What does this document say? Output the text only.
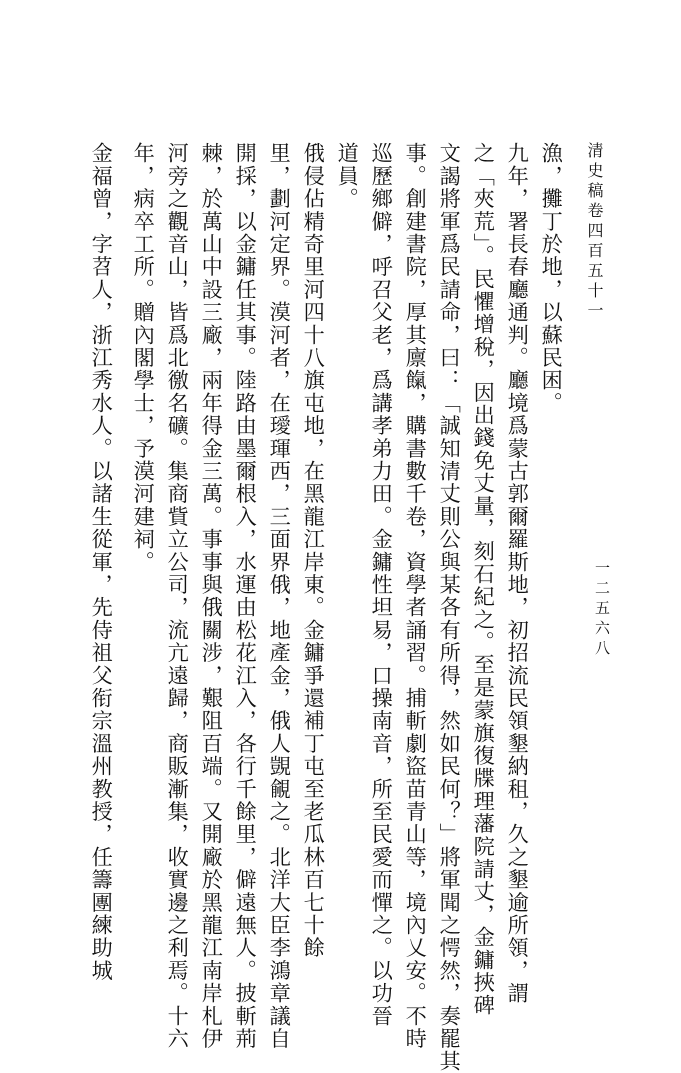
清史稿卷四百五十一
一二五六八
漁，攤丁於地，以蘇民困。
九年，署長春廳通判。廳境爲蒙古郭爾羅斯地，初招流民領墾納租，久之墾逾所領，謂
之「夾荒」。民懼增稅，因出錢免丈量，刻石紀之。至是蒙旗復牒理藩院請丈，金鏞挾碑
文謁將軍爲民請命，曰：「誠知清丈則公與某各有所得，然如民何？」將軍聞之愕然，奏罷其
事。創建書院，厚其廪餼，購書數千卷，資學者誦習。捕斬劇盜苗青山等，境內乂安。不時
巡歷鄉僻，呼召父老，爲講孝弟力田。金鏞性坦易，口操南音，所至民愛而憚之。以功晉
道員。
俄侵佔精奇里河四十八旗屯地，在黑龍江岸東。金鏞爭還補丁屯至老瓜林百七十餘
里，劃河定界。漠河者，在璦琿西，三面界俄，地產金，俄人覬覦之。北洋大臣李鴻章議自
開採，以金鏞任其事。陸路由墨爾根入，水運由松花江入，各行千餘里，僻遠無人。披斬荊
棘，於萬山中設三廠，兩年得金三萬。事事與俄關涉，艱阻百端。又開廠於黑龍江南岸札伊
河旁之觀音山，皆爲北徼名礦。集商貲立公司，流亢遠歸，商販漸集，收實邊之利焉。十六
年，病卒工所。贈內閣學士，予漠河建祠。
金福曾，字苕人，浙江秀水人。以諸生從軍，先侍祖父衔宗溫州教授，任籌團練助城
